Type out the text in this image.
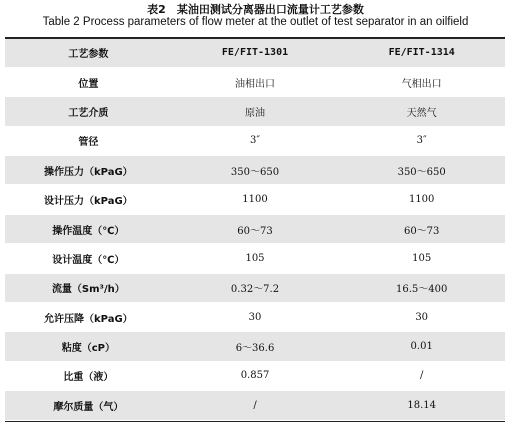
表2　某油田测试分离器出口流量计工艺参数
Table 2 Process parameters of flow meter at the outlet of test separator in an oilfield
工艺参数	FE/FIT-1301	FE/FIT-1314
位置	油相出口	气相出口
工艺介质	原油	天然气
管径	3″	3″
操作压力（kPaG）	350～650	350～650
设计压力（kPaG）	1100	1100
操作温度（℃）	60～73	60～73
设计温度（℃）	105	105
流量（Sm³/h）	0.32～7.2	16.5～400
允许压降（kPaG）	30	30
粘度（cP）	6～36.6	0.01
比重（液）	0.857	/
摩尔质量（气）	/	18.14
